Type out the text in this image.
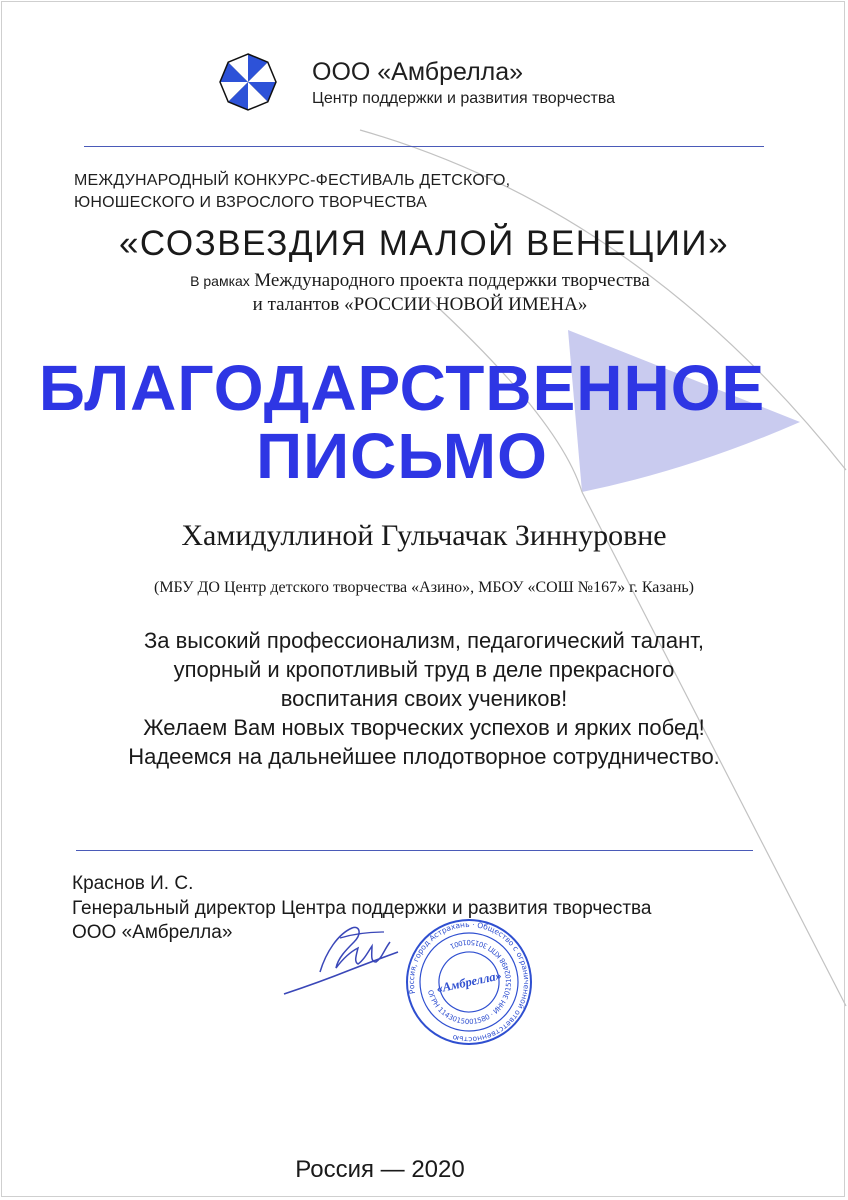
ООО «Амбрелла»
Центр поддержки и развития творчества
МЕЖДУНАРОДНЫЙ КОНКУРС-ФЕСТИВАЛЬ ДЕТСКОГО,
ЮНОШЕСКОГО И ВЗРОСЛОГО ТВОРЧЕСТВА
«СОЗВЕЗДИЯ МАЛОЙ ВЕНЕЦИИ»
В рамках Международного проекта поддержки творчества
и талантов «РОССИИ НОВОЙ ИМЕНА»
БЛАГОДАРСТВЕННОЕ
ПИСЬМО
Хамидуллиной Гульчачак Зиннуровне
(МБУ ДО Центр детского творчества «Азино», МБОУ «СОШ №167» г. Казань)
За высокий профессионализм, педагогический талант,
упорный и кропотливый труд в деле прекрасного
воспитания своих учеников!
Желаем Вам новых творческих успехов и ярких побед!
Надеемся на дальнейшее плодотворное сотрудничество.
Краснов И. С.
Генеральный директор Центра поддержки и развития творчества
ООО «Амбрелла»
Россия, город Астрахань · Общество с ограниченной ответственностью
ОГРН 1143015001580 · ИНН 3015102498 КПП 301501001
«Амбрелла»
Россия — 2020
